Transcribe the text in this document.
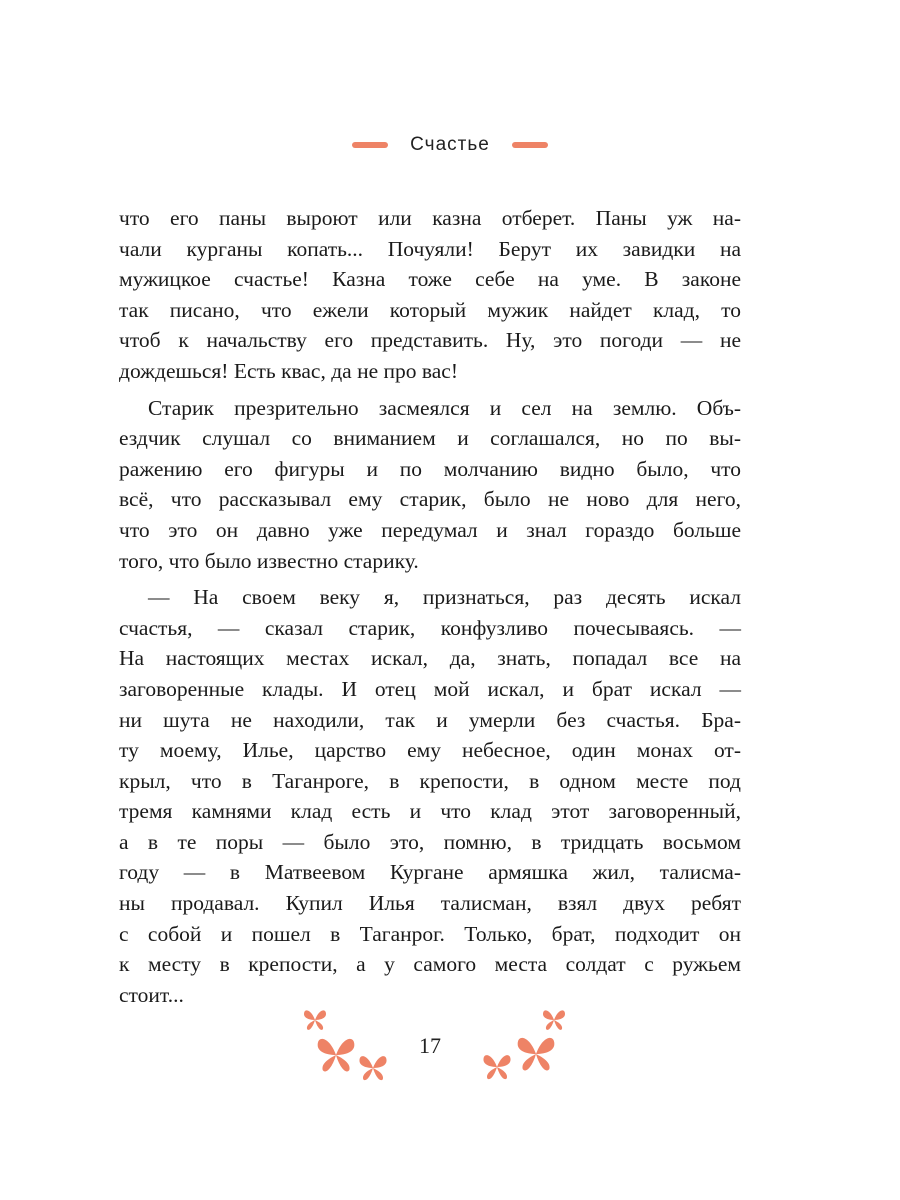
Счастье
что его паны выроют или казна отберет. Паны уж на-
чали курганы копать... Почуяли! Берут их завидки на
мужицкое счастье! Казна тоже себе на уме. В законе
так писано, что ежели который мужик найдет клад, то
чтоб к начальству его представить. Ну, это погоди — не
дождешься! Есть квас, да не про вас!
Старик презрительно засмеялся и сел на землю. Объ-
ездчик слушал со вниманием и соглашался, но по вы-
ражению его фигуры и по молчанию видно было, что
всё, что рассказывал ему старик, было не ново для него,
что это он давно уже передумал и знал гораздо больше
того, что было известно старику.
— На своем веку я, признаться, раз десять искал
счастья, — сказал старик, конфузливо почесываясь. —
На настоящих местах искал, да, знать, попадал все на
заговоренные клады. И отец мой искал, и брат искал —
ни шута не находили, так и умерли без счастья. Бра-
ту моему, Илье, царство ему небесное, один монах от-
крыл, что в Таганроге, в крепости, в одном месте под
тремя камнями клад есть и что клад этот заговоренный,
а в те поры — было это, помню, в тридцать восьмом
году — в Матвеевом Кургане армяшка жил, талисма-
ны продавал. Купил Илья талисман, взял двух ребят
с собой и пошел в Таганрог. Только, брат, подходит он
к месту в крепости, а у самого места солдат с ружьем
стоит...
17
